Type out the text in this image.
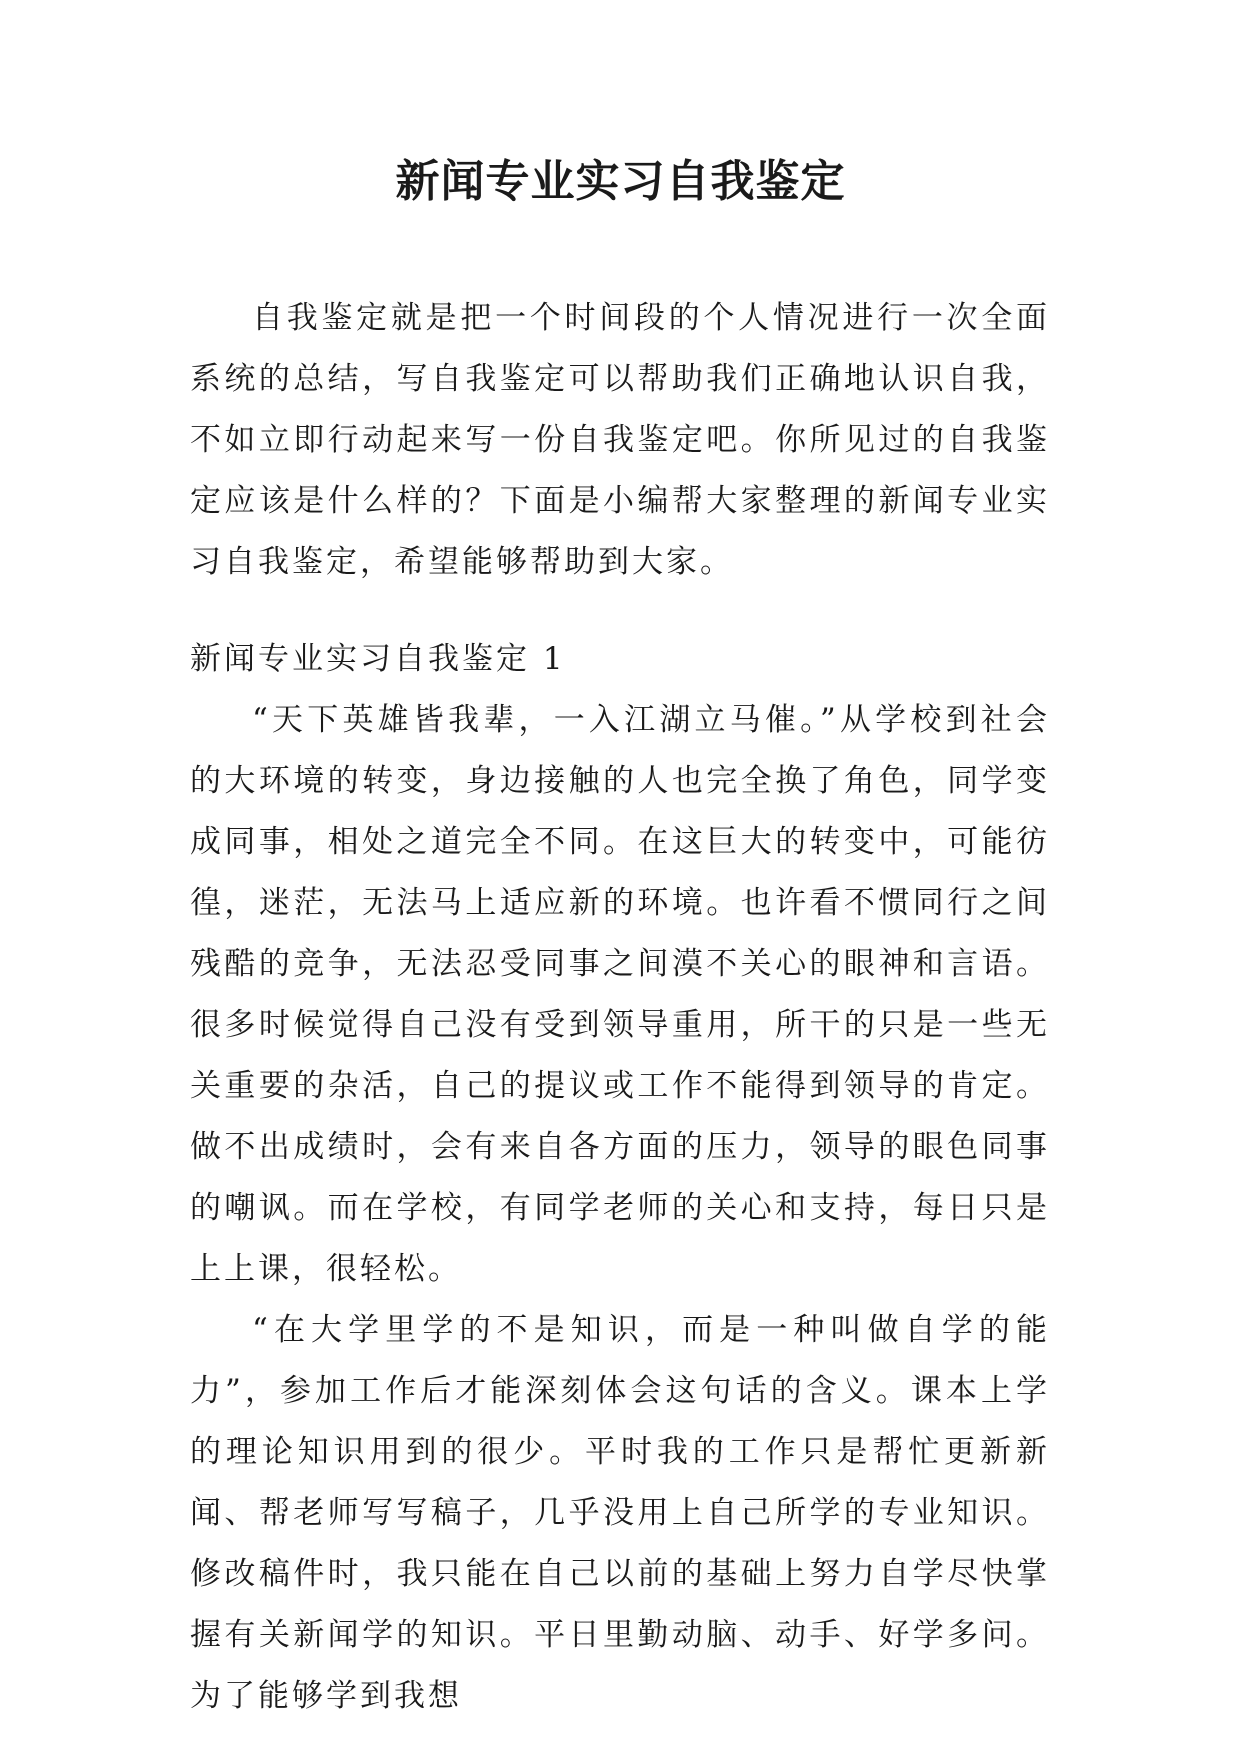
新闻专业实习自我鉴定

自我鉴定就是把一个时间段的个人情况进行一次全面系统的总结，写自我鉴定可以帮助我们正确地认识自我，不如立即行动起来写一份自我鉴定吧。你所见过的自我鉴定应该是什么样的？下面是小编帮大家整理的新闻专业实习自我鉴定，希望能够帮助到大家。

新闻专业实习自我鉴定 1

“天下英雄皆我辈，一入江湖立马催。”从学校到社会的大环境的转变，身边接触的人也完全换了角色，同学变成同事，相处之道完全不同。在这巨大的转变中，可能彷徨，迷茫，无法马上适应新的环境。也许看不惯同行之间残酷的竞争，无法忍受同事之间漠不关心的眼神和言语。很多时候觉得自己没有受到领导重用，所干的只是一些无关重要的杂活，自己的提议或工作不能得到领导的肯定。做不出成绩时，会有来自各方面的压力，领导的眼色同事的嘲讽。而在学校，有同学老师的关心和支持，每日只是上上课，很轻松。

“在大学里学的不是知识，而是一种叫做自学的能力”，参加工作后才能深刻体会这句话的含义。课本上学的理论知识用到的很少。平时我的工作只是帮忙更新新闻、帮老师写写稿子，几乎没用上自己所学的专业知识。修改稿件时，我只能在自己以前的基础上努力自学尽快掌握有关新闻学的知识。平日里勤动脑、动手、好学多问。为了能够学到我想
